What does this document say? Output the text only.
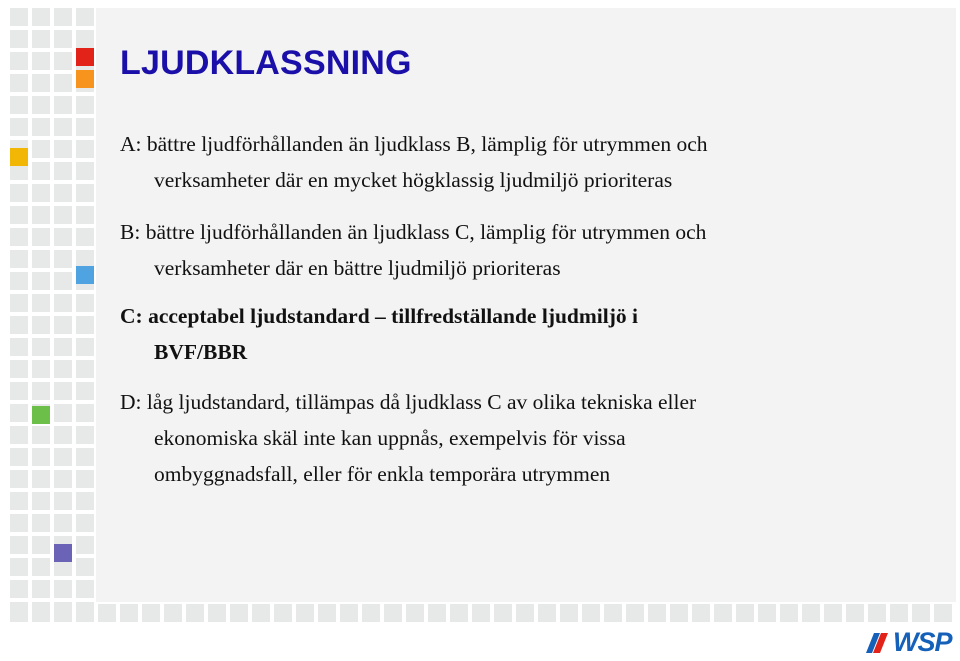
LJUDKLASSNING
A: bättre ljudförhållanden än ljudklass B, lämplig för utrymmen och
verksamheter där en mycket högklassig ljudmiljö prioriteras
B: bättre ljudförhållanden än ljudklass C, lämplig för utrymmen och
verksamheter där en bättre ljudmiljö prioriteras
C: acceptabel ljudstandard – tillfredställande ljudmiljö i
BVF/BBR
D: låg ljudstandard, tillämpas då ljudklass C av olika tekniska eller
ekonomiska skäl inte kan uppnås, exempelvis för vissa
ombyggnadsfall, eller för enkla temporära utrymmen
WSP
